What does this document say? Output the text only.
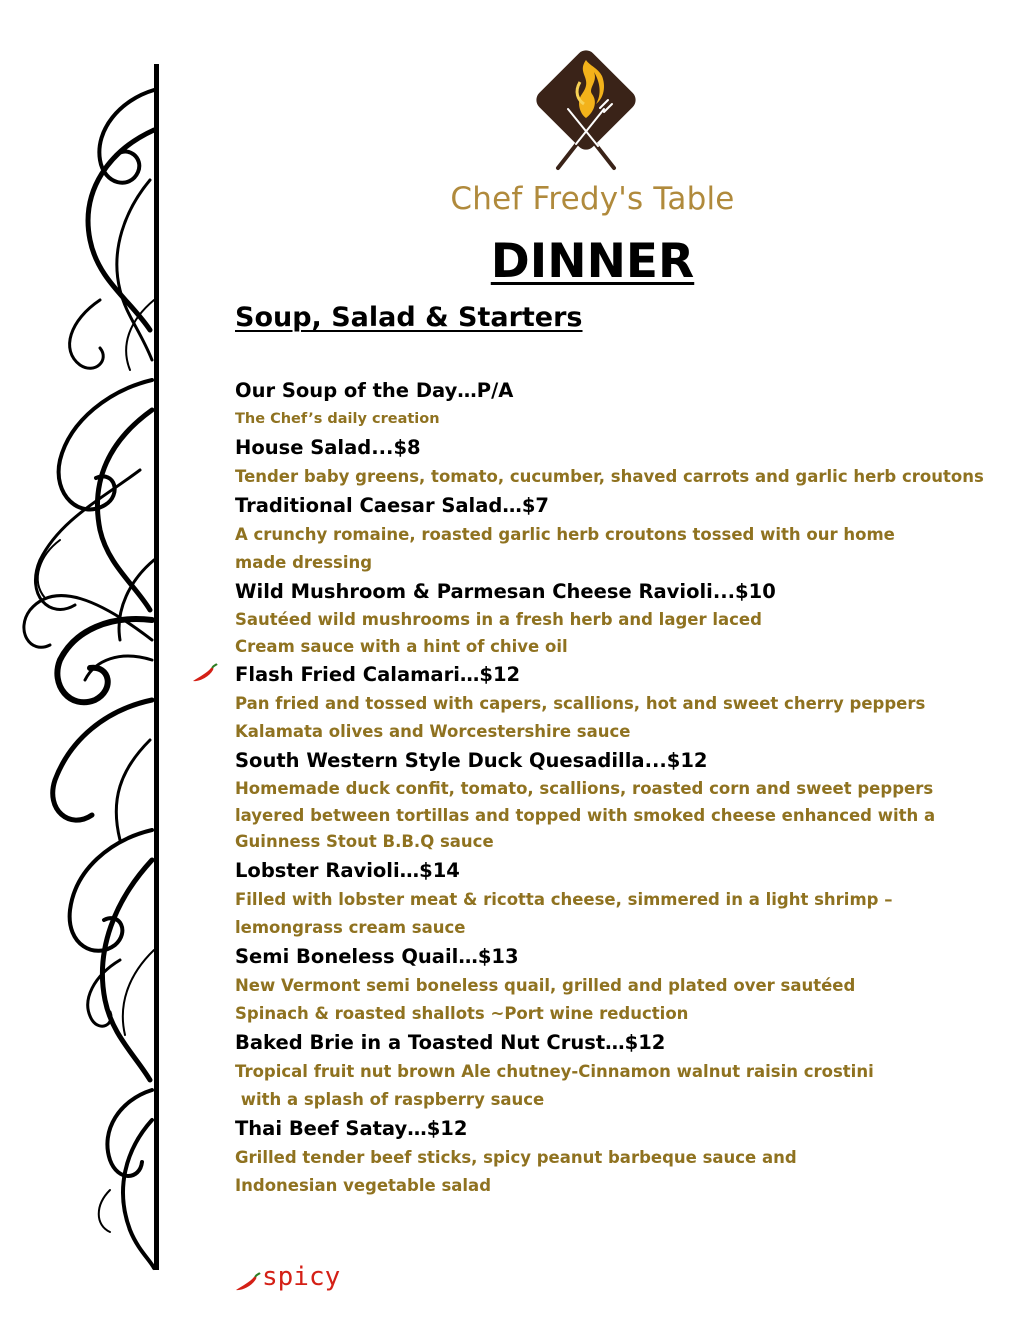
Chef Fredy's Table
DINNER
Soup, Salad & Starters
Our Soup of the Day…P/A
The Chef’s daily creation
House Salad...$8
Tender baby greens, tomato, cucumber, shaved carrots and garlic herb croutons
Traditional Caesar Salad…$7
A crunchy romaine, roasted garlic herb croutons tossed with our home
made dressing
Wild Mushroom & Parmesan Cheese Ravioli...$10
Sautéed wild mushrooms in a fresh herb and lager laced
Cream sauce with a hint of chive oil
Flash Fried Calamari…$12
Pan fried and tossed with capers, scallions, hot and sweet cherry peppers
Kalamata olives and Worcestershire sauce
South Western Style Duck Quesadilla...$12
Homemade duck confit, tomato, scallions, roasted corn and sweet peppers
layered between tortillas and topped with smoked cheese enhanced with a
Guinness Stout B.B.Q sauce
Lobster Ravioli…$14
Filled with lobster meat & ricotta cheese, simmered in a light shrimp –
lemongrass cream sauce
Semi Boneless Quail…$13
New Vermont semi boneless quail, grilled and plated over sautéed
Spinach & roasted shallots ~Port wine reduction
Baked Brie in a Toasted Nut Crust…$12
Tropical fruit nut brown Ale chutney-Cinnamon walnut raisin crostini
with a splash of raspberry sauce
Thai Beef Satay…$12
Grilled tender beef sticks, spicy peanut barbeque sauce and
Indonesian vegetable salad
spicy
